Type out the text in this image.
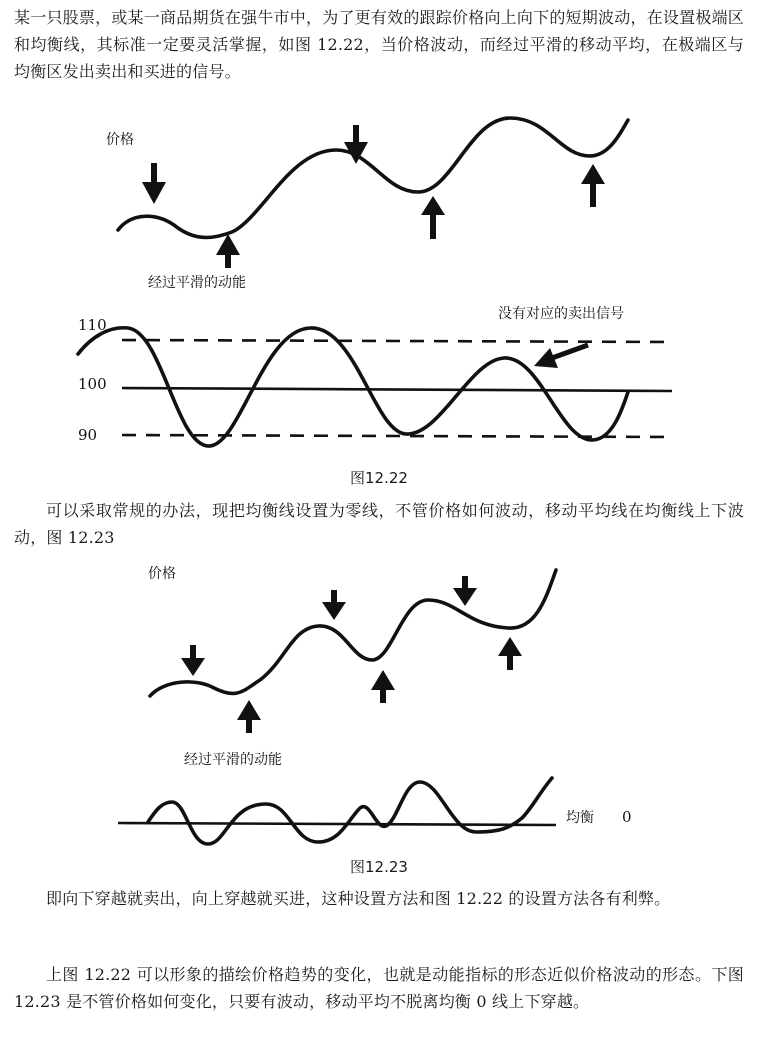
某一只股票，或某一商品期货在强牛市中，为了更有效的跟踪价格向上向下的短期波动，在设置极端区和均衡线，其标准一定要灵活掌握，如图 12.22，当价格波动，而经过平滑的移动平均，在极端区与均衡区发出卖出和买进的信号。

价格
经过平滑的动能
110
100
90
没有对应的卖出信号
图12.22

可以采取常规的办法，现把均衡线设置为零线，不管价格如何波动，移动平均线在均衡线上下波动，图 12.23

价格
经过平滑的动能
均衡 0
图12.23

即向下穿越就卖出，向上穿越就买进，这种设置方法和图 12.22 的设置方法各有利弊。

上图 12.22 可以形象的描绘价格趋势的变化，也就是动能指标的形态近似价格波动的形态。下图 12.23 是不管价格如何变化，只要有波动，移动平均不脱离均衡 0 线上下穿越。
